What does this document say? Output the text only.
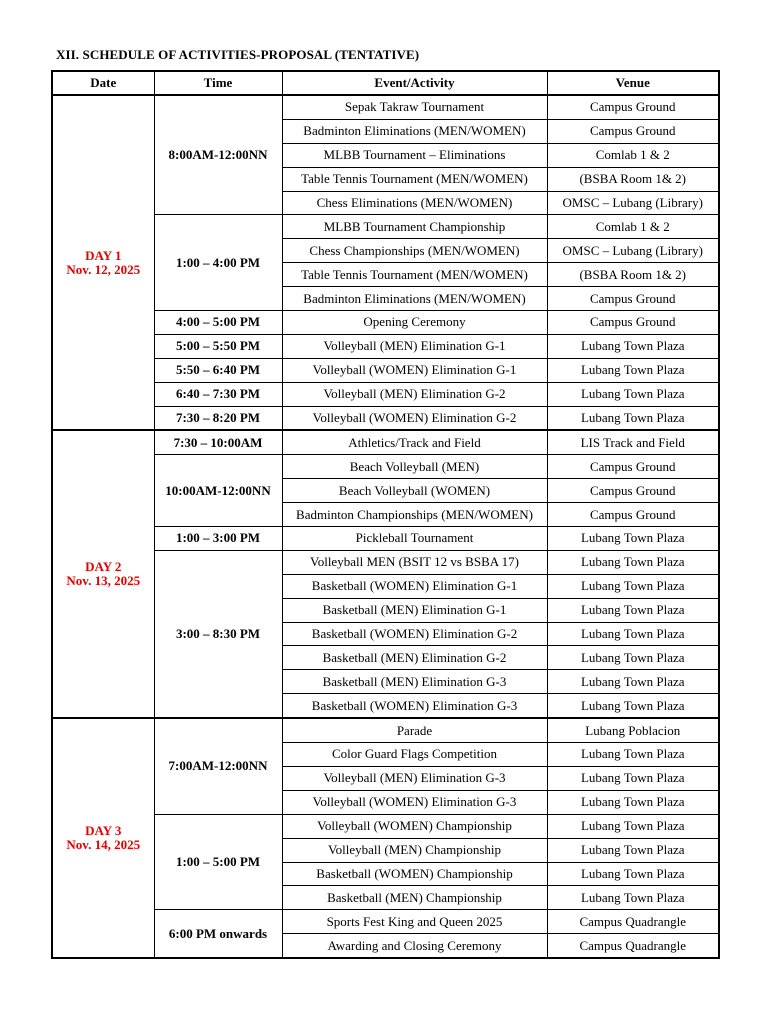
XII. SCHEDULE OF ACTIVITIES-PROPOSAL (TENTATIVE)
Date	Time	Event/Activity	Venue

DAY 1
Nov. 12, 2025	8:00AM-12:00NN	Sepak Takraw Tournament	Campus Ground
		Badminton Eliminations (MEN/WOMEN)	Campus Ground
		MLBB Tournament – Eliminations	Comlab 1 & 2
		Table Tennis Tournament (MEN/WOMEN)	(BSBA Room 1& 2)
		Chess Eliminations (MEN/WOMEN)	OMSC – Lubang (Library)
	1:00 – 4:00 PM	MLBB Tournament Championship	Comlab 1 & 2
		Chess Championships (MEN/WOMEN)	OMSC – Lubang (Library)
		Table Tennis Tournament (MEN/WOMEN)	(BSBA Room 1& 2)
		Badminton Eliminations (MEN/WOMEN)	Campus Ground
	4:00 – 5:00 PM	Opening Ceremony	Campus Ground
	5:00 – 5:50 PM	Volleyball (MEN) Elimination G-1	Lubang Town Plaza
	5:50 – 6:40 PM	Volleyball (WOMEN) Elimination G-1	Lubang Town Plaza
	6:40 – 7:30 PM	Volleyball (MEN) Elimination G-2	Lubang Town Plaza
	7:30 – 8:20 PM	Volleyball (WOMEN) Elimination G-2	Lubang Town Plaza

DAY 2
Nov. 13, 2025	7:30 – 10:00AM	Athletics/Track and Field	LIS Track and Field
	10:00AM-12:00NN	Beach Volleyball (MEN)	Campus Ground
		Beach Volleyball (WOMEN)	Campus Ground
		Badminton Championships (MEN/WOMEN)	Campus Ground
	1:00 – 3:00 PM	Pickleball Tournament	Lubang Town Plaza
	3:00 – 8:30 PM	Volleyball MEN (BSIT 12 vs BSBA 17)	Lubang Town Plaza
		Basketball (WOMEN) Elimination G-1	Lubang Town Plaza
		Basketball (MEN) Elimination G-1	Lubang Town Plaza
		Basketball (WOMEN) Elimination G-2	Lubang Town Plaza
		Basketball (MEN) Elimination G-2	Lubang Town Plaza
		Basketball (MEN) Elimination G-3	Lubang Town Plaza
		Basketball (WOMEN) Elimination G-3	Lubang Town Plaza

DAY 3
Nov. 14, 2025	7:00AM-12:00NN	Parade	Lubang Poblacion
		Color Guard Flags Competition	Lubang Town Plaza
		Volleyball (MEN) Elimination G-3	Lubang Town Plaza
		Volleyball (WOMEN) Elimination G-3	Lubang Town Plaza
	1:00 – 5:00 PM	Volleyball (WOMEN) Championship	Lubang Town Plaza
		Volleyball (MEN) Championship	Lubang Town Plaza
		Basketball (WOMEN) Championship	Lubang Town Plaza
		Basketball (MEN) Championship	Lubang Town Plaza
	6:00 PM onwards	Sports Fest King and Queen 2025	Campus Quadrangle
		Awarding and Closing Ceremony	Campus Quadrangle
